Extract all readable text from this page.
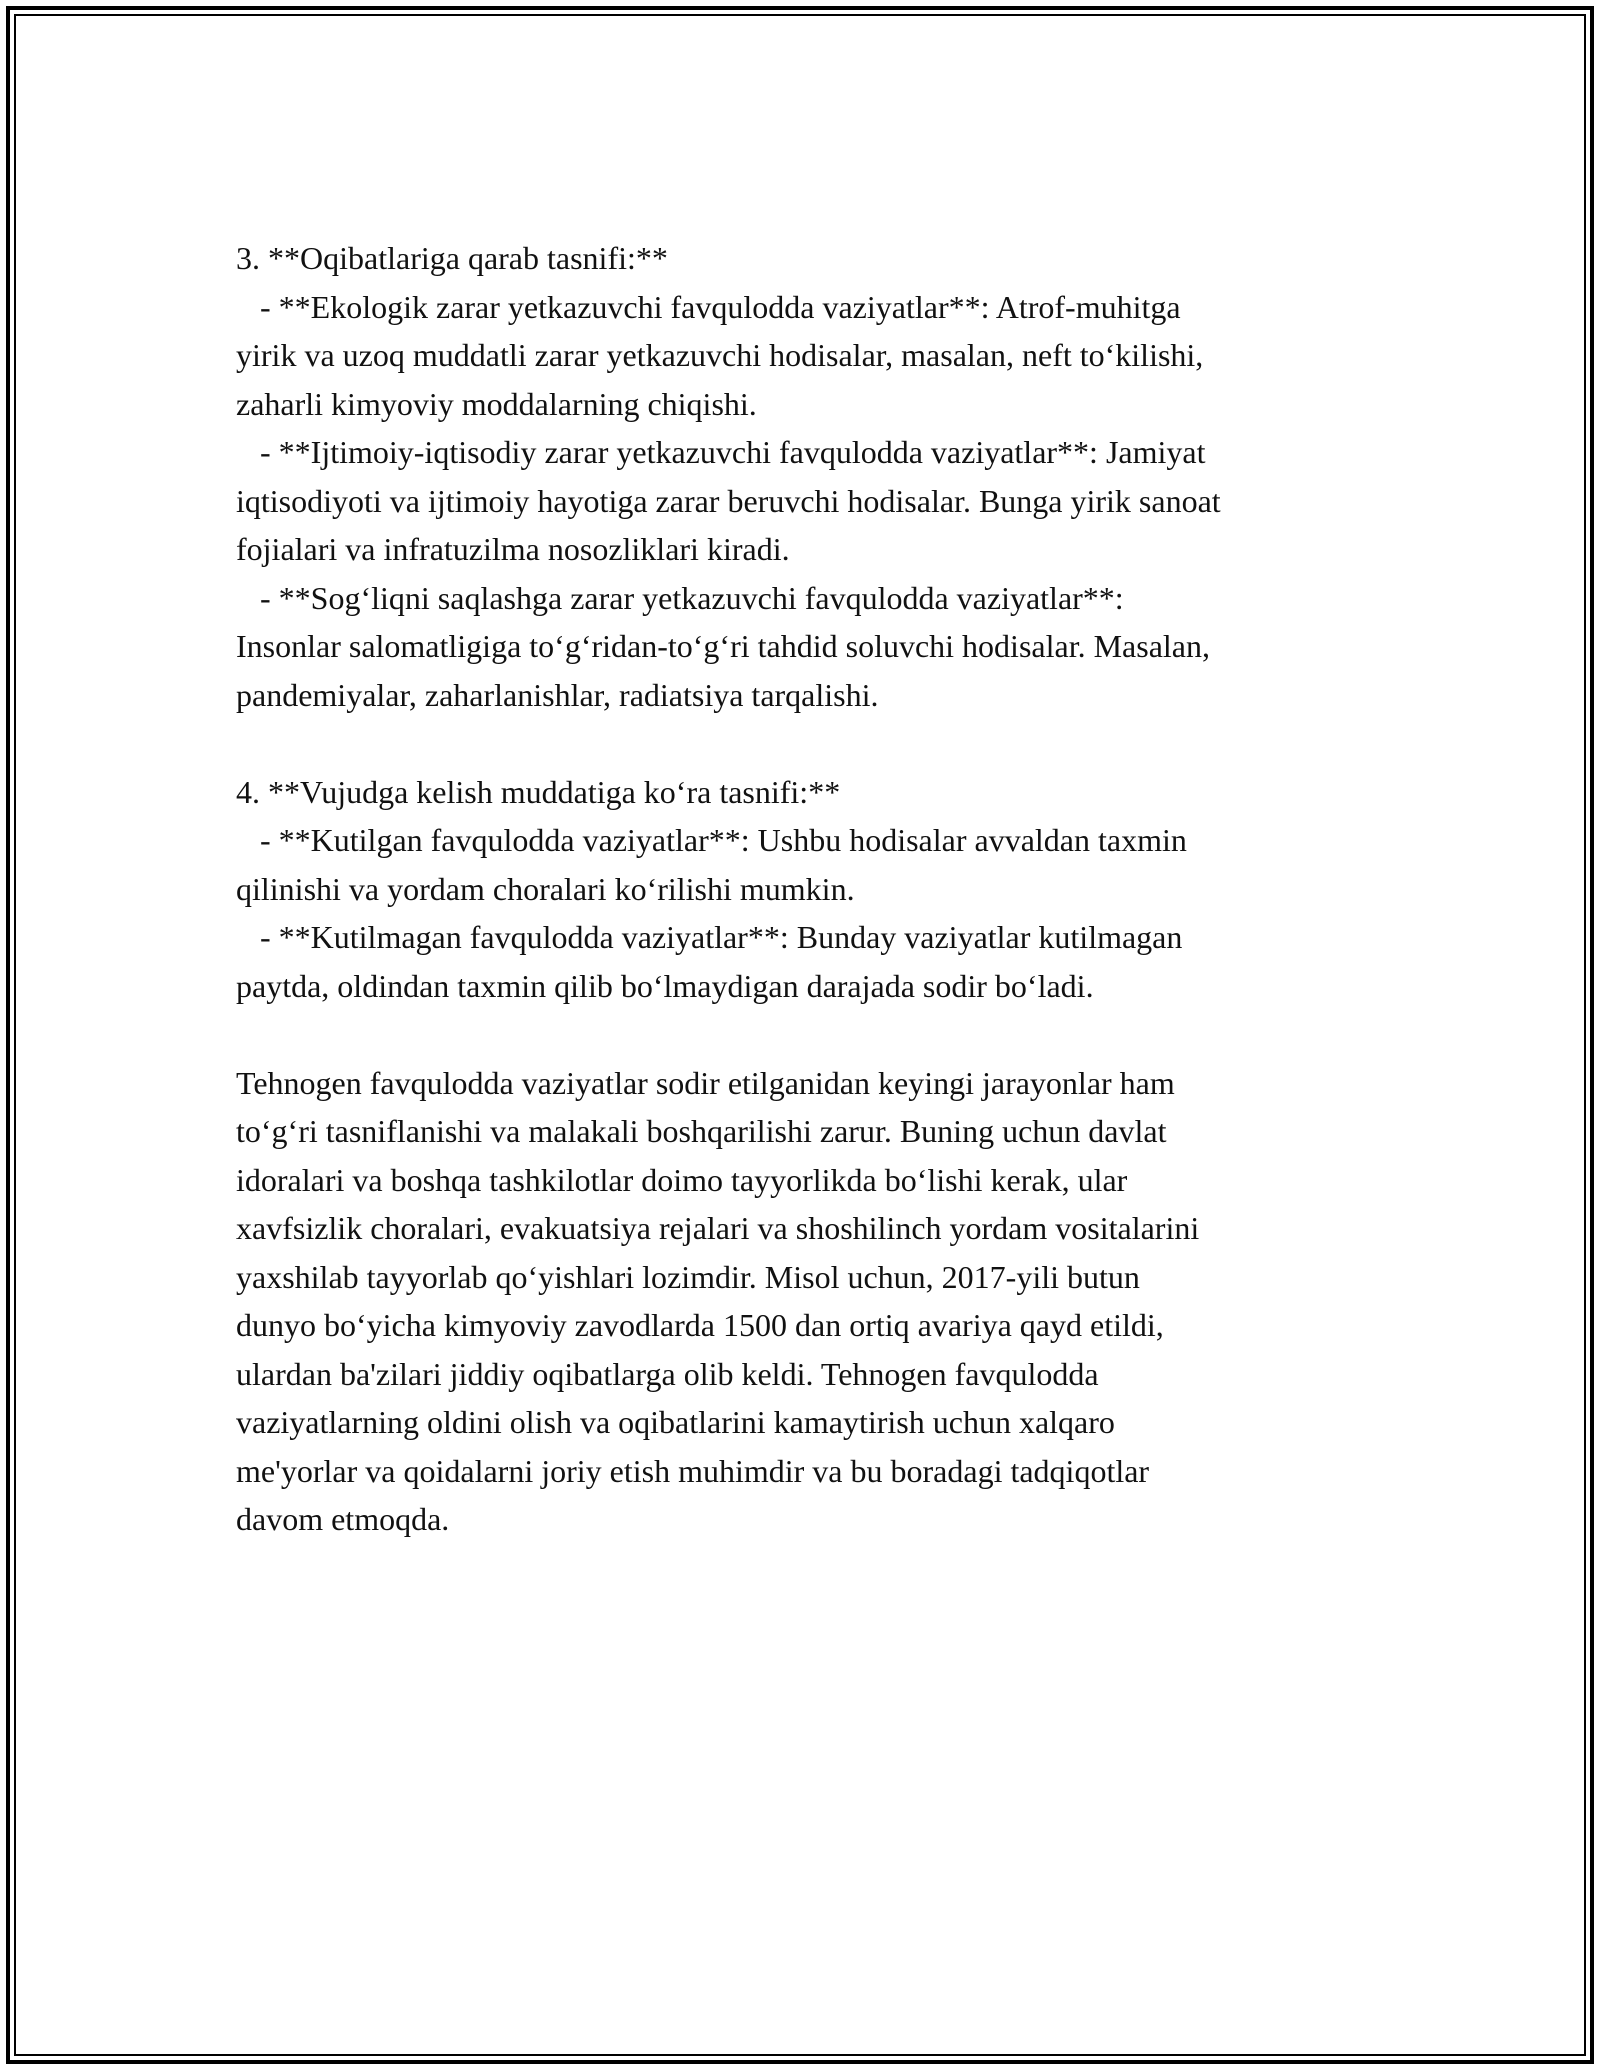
3. **Oqibatlariga qarab tasnifi:**
- **Ekologik zarar yetkazuvchi favqulodda vaziyatlar**: Atrof-muhitga
yirik va uzoq muddatli zarar yetkazuvchi hodisalar, masalan, neft to‘kilishi,
zaharli kimyoviy moddalarning chiqishi.
- **Ijtimoiy-iqtisodiy zarar yetkazuvchi favqulodda vaziyatlar**: Jamiyat
iqtisodiyoti va ijtimoiy hayotiga zarar beruvchi hodisalar. Bunga yirik sanoat
fojialari va infratuzilma nosozliklari kiradi.
- **Sog‘liqni saqlashga zarar yetkazuvchi favqulodda vaziyatlar**:
Insonlar salomatligiga to‘g‘ridan-to‘g‘ri tahdid soluvchi hodisalar. Masalan,
pandemiyalar, zaharlanishlar, radiatsiya tarqalishi.
4. **Vujudga kelish muddatiga ko‘ra tasnifi:**
- **Kutilgan favqulodda vaziyatlar**: Ushbu hodisalar avvaldan taxmin
qilinishi va yordam choralari ko‘rilishi mumkin.
- **Kutilmagan favqulodda vaziyatlar**: Bunday vaziyatlar kutilmagan
paytda, oldindan taxmin qilib bo‘lmaydigan darajada sodir bo‘ladi.
Tehnogen favqulodda vaziyatlar sodir etilganidan keyingi jarayonlar ham
to‘g‘ri tasniflanishi va malakali boshqarilishi zarur. Buning uchun davlat
idoralari va boshqa tashkilotlar doimo tayyorlikda bo‘lishi kerak, ular
xavfsizlik choralari, evakuatsiya rejalari va shoshilinch yordam vositalarini
yaxshilab tayyorlab qo‘yishlari lozimdir. Misol uchun, 2017-yili butun
dunyo bo‘yicha kimyoviy zavodlarda 1500 dan ortiq avariya qayd etildi,
ulardan ba'zilari jiddiy oqibatlarga olib keldi. Tehnogen favqulodda
vaziyatlarning oldini olish va oqibatlarini kamaytirish uchun xalqaro
me'yorlar va qoidalarni joriy etish muhimdir va bu boradagi tadqiqotlar
davom etmoqda.
